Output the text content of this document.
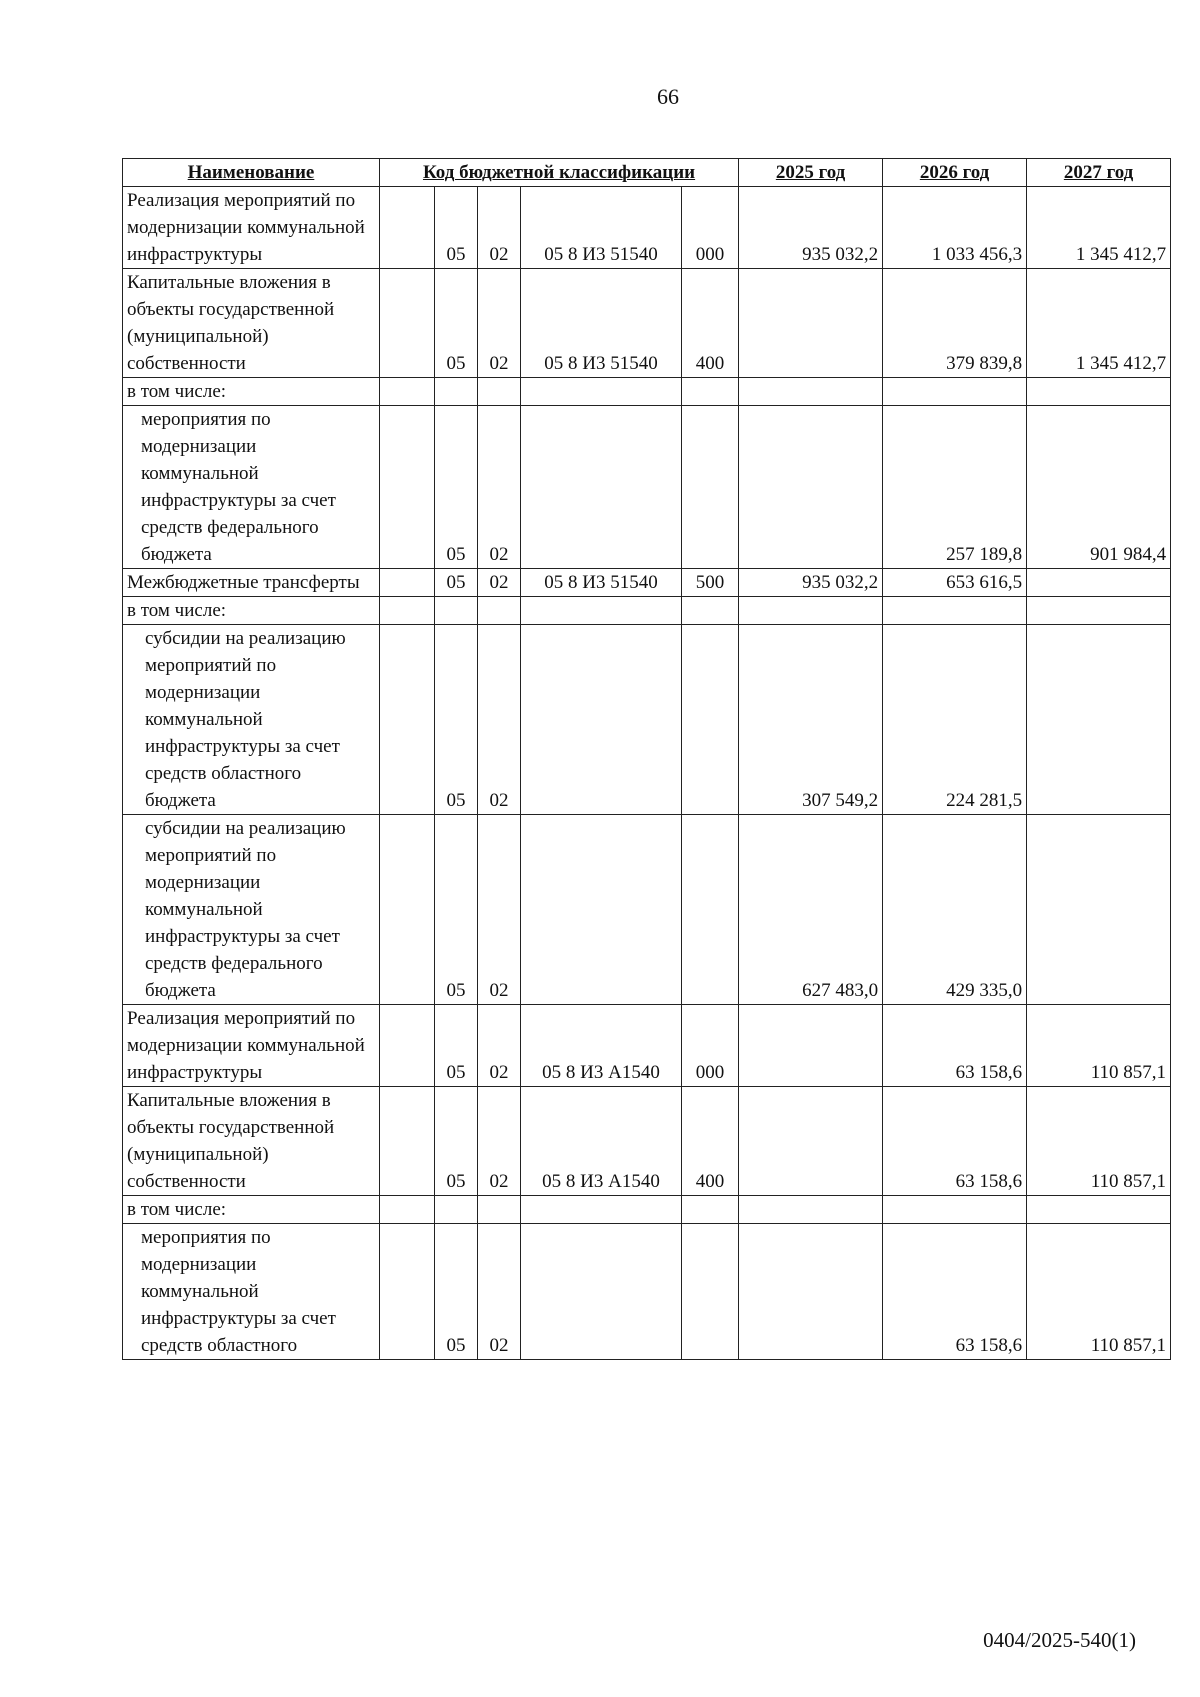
66
Наименование	Код бюджетной классификации					2025 год	2026 год	2027 год
Реализация мероприятий по модернизации коммунальной инфраструктуры		05	02	05 8 И3 51540	000	935 032,2	1 033 456,3	1 345 412,7
Капитальные вложения в объекты государственной (муниципальной) собственности		05	02	05 8 И3 51540	400		379 839,8	1 345 412,7
в том числе:								
мероприятия по модернизации коммунальной инфраструктуры за счет средств федерального бюджета		05	02				257 189,8	901 984,4
Межбюджетные трансферты		05	02	05 8 И3 51540	500	935 032,2	653 616,5	
в том числе:								
субсидии на реализацию мероприятий по модернизации коммунальной инфраструктуры за счет средств областного бюджета		05	02			307 549,2	224 281,5	
субсидии на реализацию мероприятий по модернизации коммунальной инфраструктуры за счет средств федерального бюджета		05	02			627 483,0	429 335,0	
Реализация мероприятий по модернизации коммунальной инфраструктуры		05	02	05 8 И3 А1540	000		63 158,6	110 857,1
Капитальные вложения в объекты государственной (муниципальной) собственности		05	02	05 8 И3 А1540	400		63 158,6	110 857,1
в том числе:								
мероприятия по модернизации коммунальной инфраструктуры за счет средств областного		05	02				63 158,6	110 857,1
0404/2025-540(1)
